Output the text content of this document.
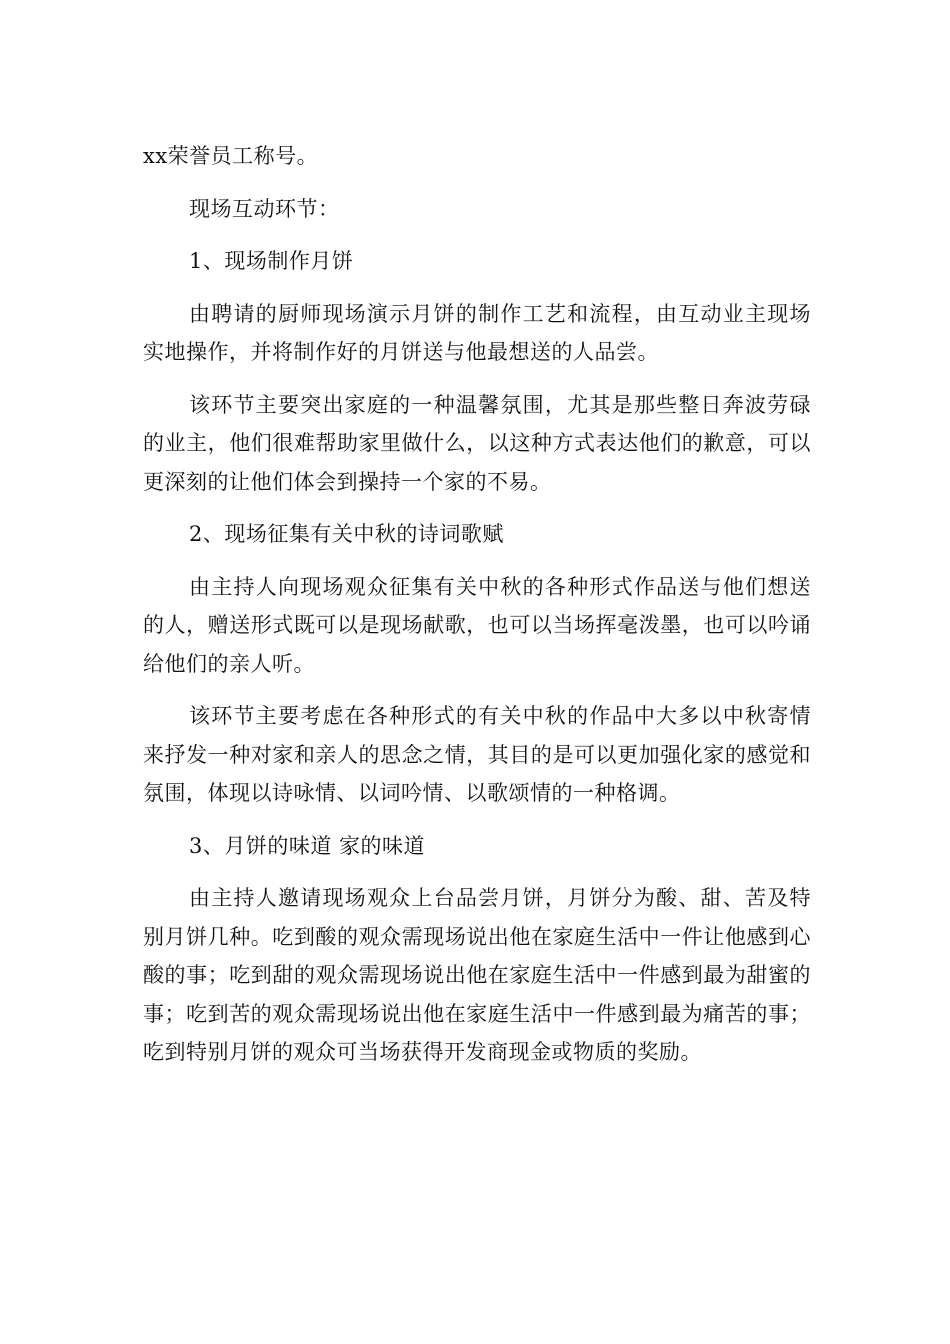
xx荣誉员工称号。

现场互动环节：

1、现场制作月饼

由聘请的厨师现场演示月饼的制作工艺和流程，由互动业主现场实地操作，并将制作好的月饼送与他最想送的人品尝。

该环节主要突出家庭的一种温馨氛围，尤其是那些整日奔波劳碌的业主，他们很难帮助家里做什么，以这种方式表达他们的歉意，可以更深刻的让他们体会到操持一个家的不易。

2、现场征集有关中秋的诗词歌赋

由主持人向现场观众征集有关中秋的各种形式作品送与他们想送的人，赠送形式既可以是现场献歌，也可以当场挥毫泼墨，也可以吟诵给他们的亲人听。

该环节主要考虑在各种形式的有关中秋的作品中大多以中秋寄情来抒发一种对家和亲人的思念之情，其目的是可以更加强化家的感觉和氛围，体现以诗咏情、以词吟情、以歌颂情的一种格调。

3、月饼的味道 家的味道

由主持人邀请现场观众上台品尝月饼，月饼分为酸、甜、苦及特别月饼几种。吃到酸的观众需现场说出他在家庭生活中一件让他感到心酸的事；吃到甜的观众需现场说出他在家庭生活中一件感到最为甜蜜的事；吃到苦的观众需现场说出他在家庭生活中一件感到最为痛苦的事；吃到特别月饼的观众可当场获得开发商现金或物质的奖励。
